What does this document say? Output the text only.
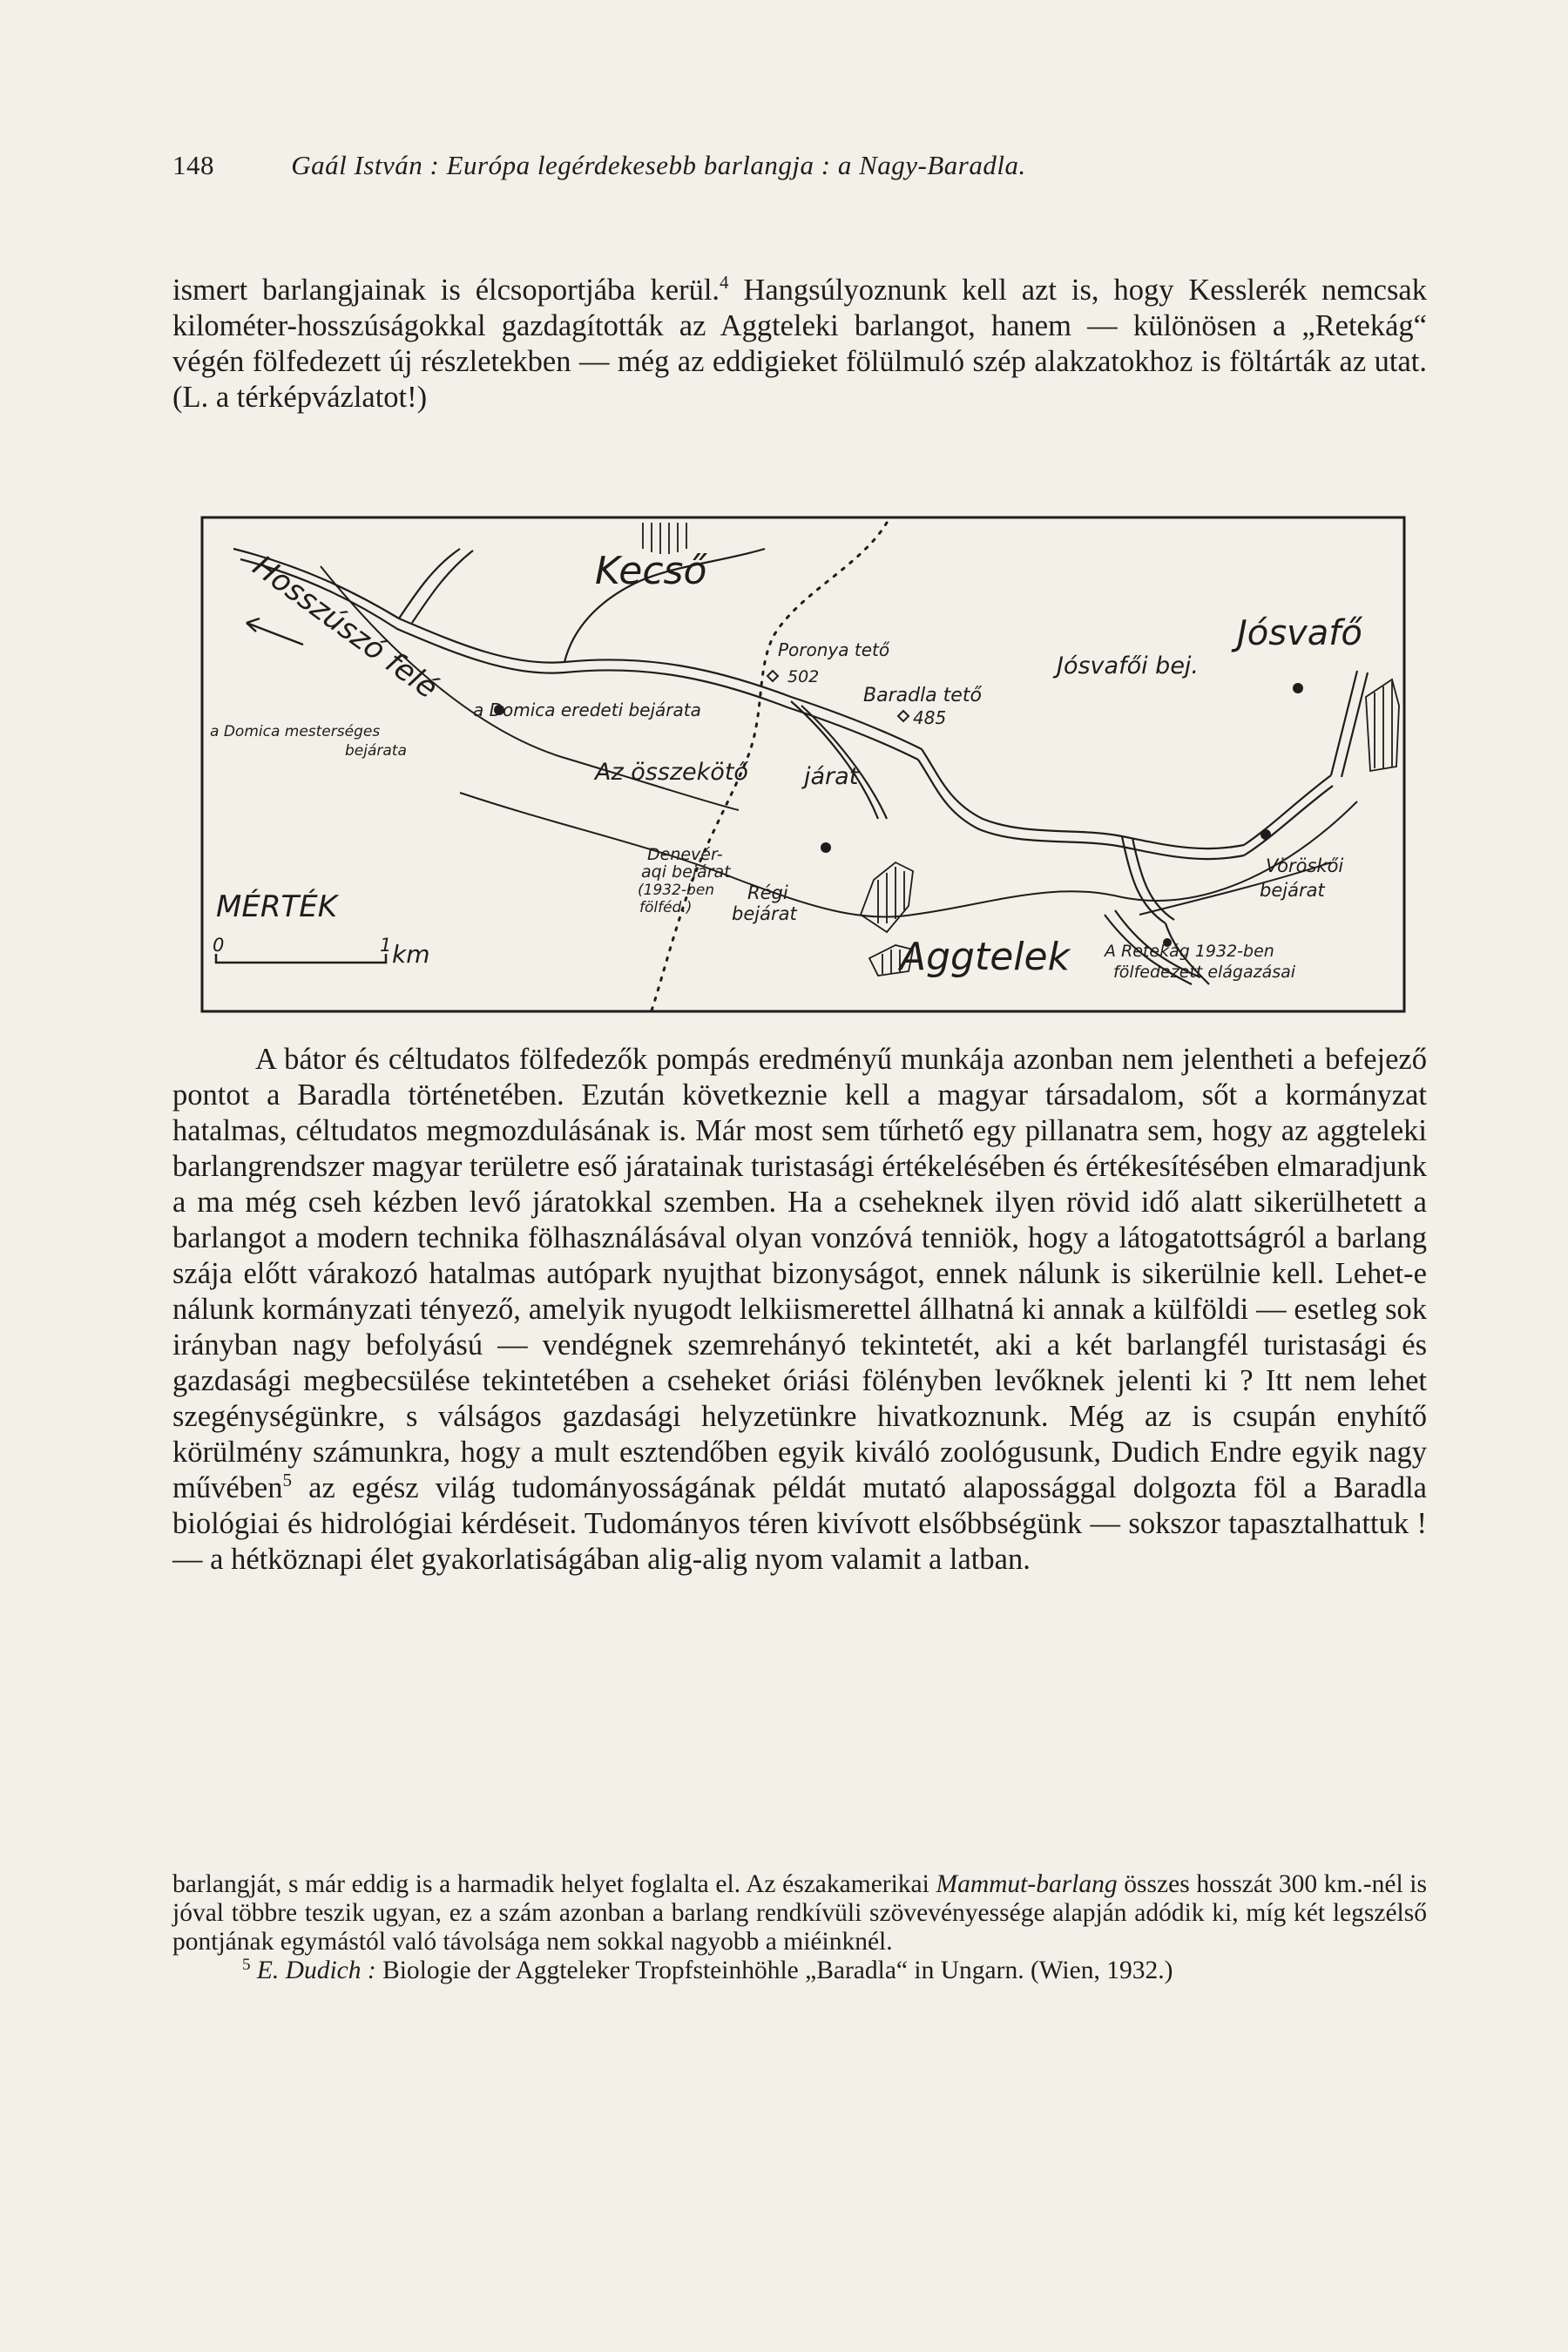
148	Gaál István : Európa legérdekesebb barlangja : a Nagy-Baradla.
ismert barlangjainak is élcsoportjába kerül.$^4$ Hangsúlyoznunk kell azt is, hogy Kesslerék nemcsak kilométer-hosszúságokkal gazdagították az Aggteleki barlangot, hanem — különösen a „Retekág“ végén fölfedezett új részletekben — még az eddigieket fölülmuló szép alakzatokhoz is föltárták az utat. (L. a térképvázlatot!)
Kecső
Jósvafő
Jósvafői bej.
Poronya tető
502
Baradla tető
485
Hosszúszó felé
a Domica eredeti bejárata
a Domica mesterséges
bejárata
Az összekötő járat
Denevér-
aqi bejárat
(1932-ben
fölféd.)
Régi
bejárat
Vöröskői
bejárat
Aggtelek A Retekág 1932-ben
fölfedezett elágazásai
MÉRTÉK
0	1 km
A bátor és céltudatos fölfedezők pompás eredményű munkája azonban nem jelentheti a befejező pontot a Baradla történetében. Ezután következnie kell a magyar társadalom, sőt a kormányzat hatalmas, céltudatos megmozdulásának is. Már most sem tűrhető egy pillanatra sem, hogy az aggteleki barlangrendszer magyar területre eső járatainak turistasági értékelésében és értékesítésében elmaradjunk a ma még cseh kézben levő járatokkal szemben. Ha a cseheknek ilyen rövid idő alatt sikerülhetett a barlangot a modern technika fölhasználásával olyan vonzóvá tenniök, hogy a látogatottságról a barlang szája előtt várakozó hatalmas autópark nyujthat bizonyságot, ennek nálunk is sikerülnie kell. Lehet-e nálunk kormányzati tényező, amelyik nyugodt lelkiismerettel állhatná ki annak a külföldi — esetleg sok irányban nagy befolyású — vendégnek szemrehányó tekintetét, aki a két barlangfél turistasági és gazdasági megbecsülése tekintetében a cseheket óriási fölényben levőknek jelenti ki ? Itt nem lehet szegénységünkre, s válságos gazdasági helyzetünkre hivatkoznunk. Még az is csupán enyhítő körülmény számunkra, hogy a mult esztendőben egyik kiváló zoológusunk, Dudich Endre egyik nagy művében$^5$ az egész világ tudományosságának példát mutató alapossággal dolgozta föl a Baradla biológiai és hidrológiai kérdéseit. Tudományos téren kivívott elsőbbségünk — sokszor tapasztalhattuk ! — a hétköznapi élet gyakorlatiságában alig-alig nyom valamit a latban.
barlangját, s már eddig is a harmadik helyet foglalta el. Az északamerikai Mammut-barlang összes hosszát 300 km.-nél is jóval többre teszik ugyan, ez a szám azonban a barlang rendkívüli szövevényessége alapján adódik ki, míg két legszélső pontjának egymástól való távolsága nem sokkal nagyobb a miéinknél.
$^5$ E. Dudich : Biologie der Aggteleker Tropfsteinhöhle „Baradla“ in Ungarn. (Wien, 1932.)
